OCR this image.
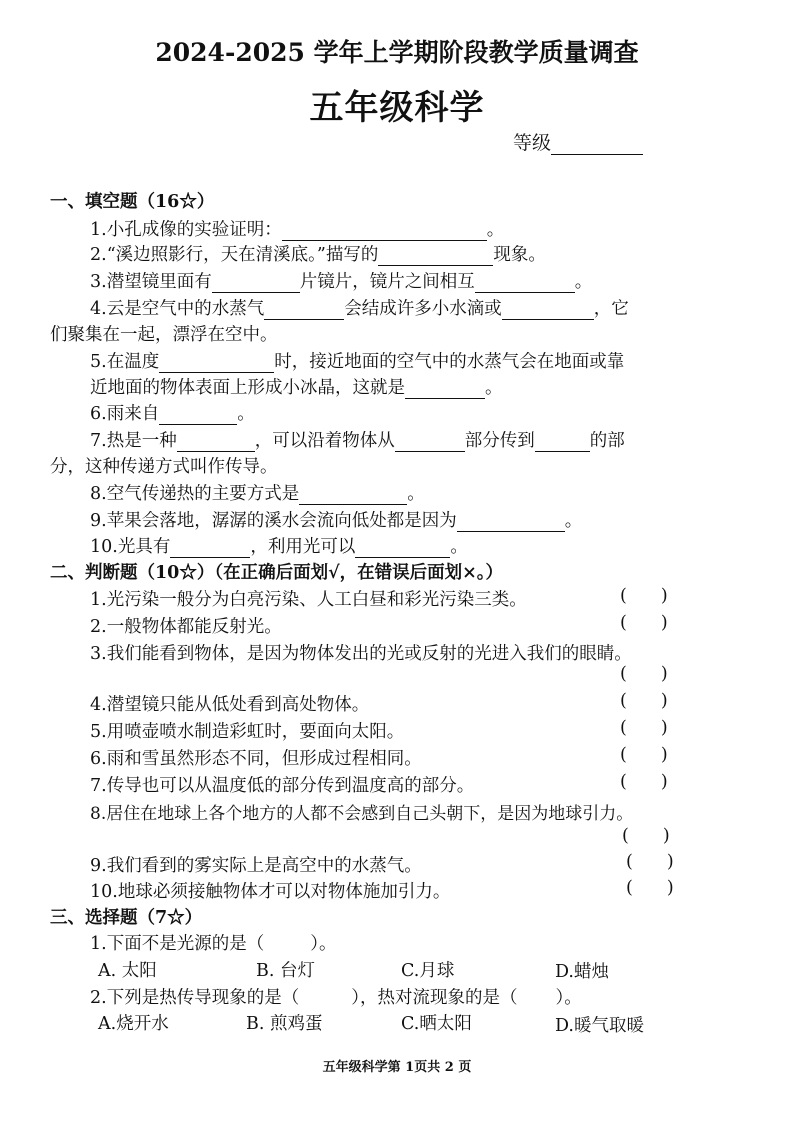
2024-2025 学年上学期阶段教学质量调查
五年级科学
等级
一、填空题（16☆）
1.小孔成像的实验证明：	。
2.“溪边照影行，天在清溪底。”描写的	现象。
3.潜望镜里面有	片镜片，镜片之间相互	。
4.云是空气中的水蒸气	会结成许多小水滴或	，它
们聚集在一起，漂浮在空中。
5.在温度	时，接近地面的空气中的水蒸气会在地面或靠
近地面的物体表面上形成小冰晶，这就是	。
6.雨来自	。
7.热是一种	，可以沿着物体从	部分传到	的部
分，这种传递方式叫作传导。
8.空气传递热的主要方式是	。
9.苹果会落地，潺潺的溪水会流向低处都是因为	。
10.光具有	，利用光可以	。
二、判断题（10☆）（在正确后面划√，在错误后面划×。）
1.光污染一般分为白亮污染、人工白昼和彩光污染三类。	( )
2.一般物体都能反射光。	( )
3.我们能看到物体，是因为物体发出的光或反射的光进入我们的眼睛。
( )
4.潜望镜只能从低处看到高处物体。	( )
5.用喷壶喷水制造彩虹时，要面向太阳。	( )
6.雨和雪虽然形态不同，但形成过程相同。	( )
7.传导也可以从温度低的部分传到温度高的部分。	( )
8.居住在地球上各个地方的人都不会感到自己头朝下，是因为地球引力。
( )
9.我们看到的雾实际上是高空中的水蒸气。	( )
10.地球必须接触物体才可以对物体施加引力。	( )
三、选择题（7☆）
1.下面不是光源的是（	）。
A. 太阳	B. 台灯	C.月球	D.蜡烛
2.下列是热传导现象的是（	），热对流现象的是（ ）。
A.烧开水	B. 煎鸡蛋	C.晒太阳	D.暖气取暖
五年级科学第 1页共 2 页
